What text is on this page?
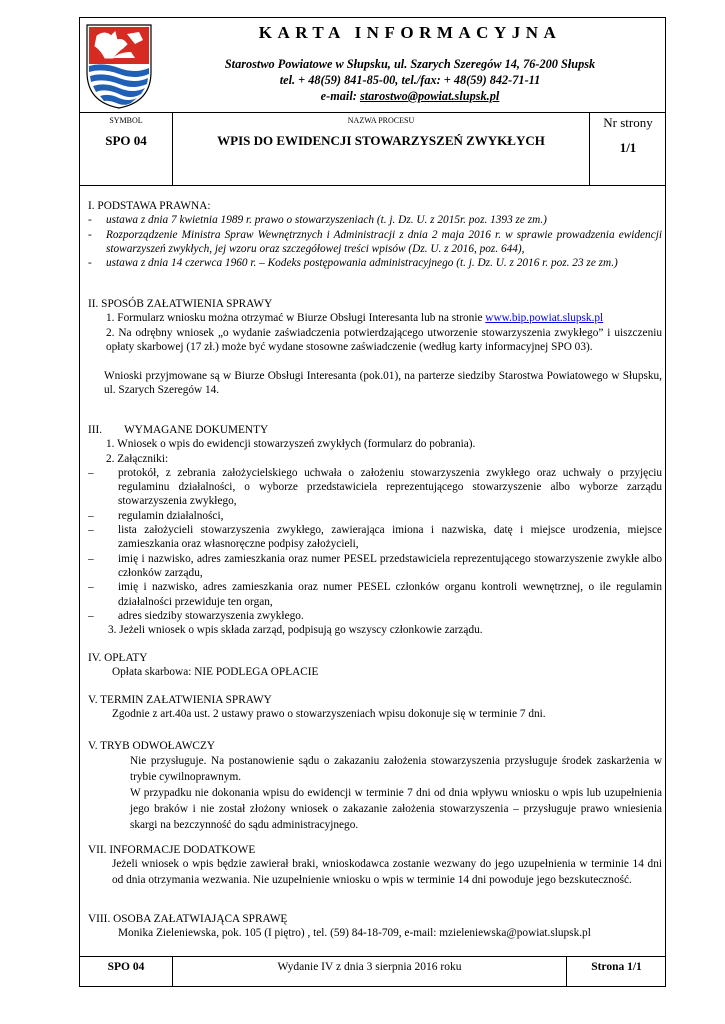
KARTA INFORMACYJNA
Starostwo Powiatowe w Słupsku, ul. Szarych Szeregów 14, 76-200 Słupsk
tel. + 48(59) 841-85-00, tel./fax: + 48(59) 842-71-11
e-mail: starostwo@powiat.slupsk.pl
SYMBOL
SPO 04
NAZWA PROCESU
WPIS DO EWIDENCJI STOWARZYSZEŃ ZWYKŁYCH
Nr strony
1/1
I. PODSTAWA PRAWNA:
-	ustawa z dnia 7 kwietnia 1989 r. prawo o stowarzyszeniach (t. j. Dz. U. z 2015r. poz. 1393 ze zm.)
-	Rozporządzenie Ministra Spraw Wewnętrznych i Administracji z dnia 2 maja 2016 r. w sprawie prowadzenia ewidencji stowarzyszeń zwykłych, jej wzoru oraz szczegółowej treści wpisów (Dz. U. z 2016, poz. 644),
-	ustawa z dnia 14 czerwca 1960 r. – Kodeks postępowania administracyjnego (t. j. Dz. U. z 2016 r. poz. 23 ze zm.)
II. SPOSÓB ZAŁATWIENIA SPRAWY
1. Formularz wniosku można otrzymać w Biurze Obsługi Interesanta lub na stronie www.bip.powiat.slupsk.pl
2. Na odrębny wniosek „o wydanie zaświadczenia potwierdzającego utworzenie stowarzyszenia zwykłego” i uiszczeniu opłaty skarbowej (17 zł.) może być wydane stosowne zaświadczenie (według karty informacyjnej SPO 03).
Wnioski przyjmowane są w Biurze Obsługi Interesanta (pok.01), na parterze siedziby Starostwa Powiatowego w Słupsku, ul. Szarych Szeregów 14.
III. WYMAGANE DOKUMENTY
1. Wniosek o wpis do ewidencji stowarzyszeń zwykłych (formularz do pobrania).
2. Załączniki:
–	protokół, z zebrania założycielskiego uchwała o założeniu stowarzyszenia zwykłego oraz uchwały o przyjęciu regulaminu działalności, o wyborze przedstawiciela reprezentującego stowarzyszenie albo wyborze zarządu stowarzyszenia zwykłego,
–	regulamin działalności,
–	lista założycieli stowarzyszenia zwykłego, zawierająca imiona i nazwiska, datę i miejsce urodzenia, miejsce zamieszkania oraz własnoręczne podpisy założycieli,
–	imię i nazwisko, adres zamieszkania oraz numer PESEL przedstawiciela reprezentującego stowarzyszenie zwykłe albo członków zarządu,
–	imię i nazwisko, adres zamieszkania oraz numer PESEL członków organu kontroli wewnętrznej, o ile regulamin działalności przewiduje ten organ,
–	adres siedziby stowarzyszenia zwykłego.
3. Jeżeli wniosek o wpis składa zarząd, podpisują go wszyscy członkowie zarządu.
IV. OPŁATY
Opłata skarbowa: NIE PODLEGA OPŁACIE
V. TERMIN ZAŁATWIENIA SPRAWY
Zgodnie z art.40a ust. 2 ustawy prawo o stowarzyszeniach wpisu dokonuje się w terminie 7 dni.
V. TRYB ODWOŁAWCZY
Nie przysługuje. Na postanowienie sądu o zakazaniu założenia stowarzyszenia przysługuje środek zaskarżenia w trybie cywilnoprawnym.
W przypadku nie dokonania wpisu do ewidencji w terminie 7 dni od dnia wpływu wniosku o wpis lub uzupełnienia jego braków i nie został złożony wniosek o zakazanie założenia stowarzyszenia – przysługuje prawo wniesienia skargi na bezczynność do sądu administracyjnego.
VII. INFORMACJE DODATKOWE
Jeżeli wniosek o wpis będzie zawierał braki, wnioskodawca zostanie wezwany do jego uzupełnienia w terminie 14 dni od dnia otrzymania wezwania. Nie uzupełnienie wniosku o wpis w terminie 14 dni powoduje jego bezskuteczność.
VIII. OSOBA ZAŁATWIAJĄCA SPRAWĘ
Monika Zieleniewska, pok. 105 (I piętro) , tel. (59) 84-18-709, e-mail: mzieleniewska@powiat.slupsk.pl
SPO 04	Wydanie IV z dnia 3 sierpnia 2016 roku	Strona 1/1
